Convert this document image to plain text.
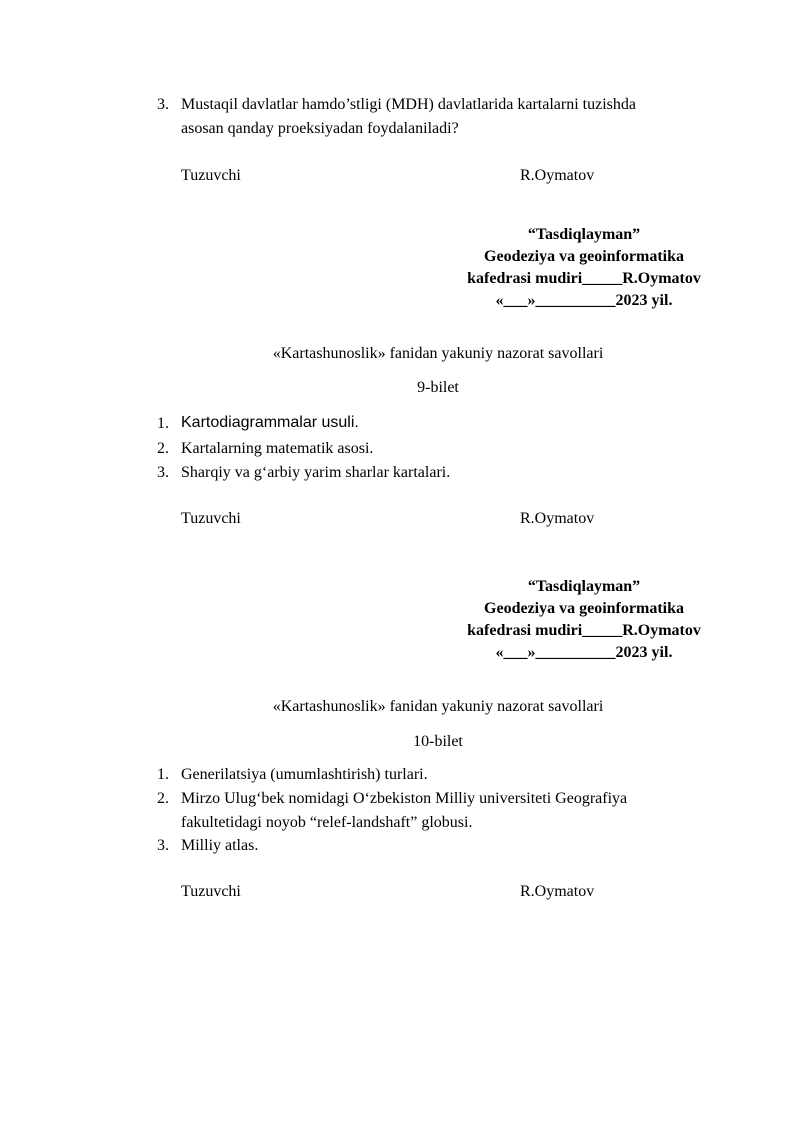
3. Mustaqil davlatlar hamdo’stligi (MDH) davlatlarida kartalarni tuzishda
asosan qanday proeksiyadan foydalaniladi?
Tuzuvchi	R.Oymatov
“Tasdiqlayman”
Geodeziya va geoinformatika
kafedrasi mudiri_____R.Oymatov
«___»__________2023 yil.
«Kartashunoslik» fanidan yakuniy nazorat savollari
9-bilet
1. Kartodiagrammalar usuli.
2. Kartalarning matematik asosi.
3. Sharqiy va g‘arbiy yarim sharlar kartalari.
Tuzuvchi	R.Oymatov
“Tasdiqlayman”
Geodeziya va geoinformatika
kafedrasi mudiri_____R.Oymatov
«___»__________2023 yil.
«Kartashunoslik» fanidan yakuniy nazorat savollari
10-bilet
1. Generilatsiya (umumlashtirish) turlari.
2. Mirzo Ulug‘bek nomidagi O‘zbekiston Milliy universiteti Geografiya
fakultetidagi noyob “relef-landshaft” globusi.
3. Milliy atlas.
Tuzuvchi	R.Oymatov
